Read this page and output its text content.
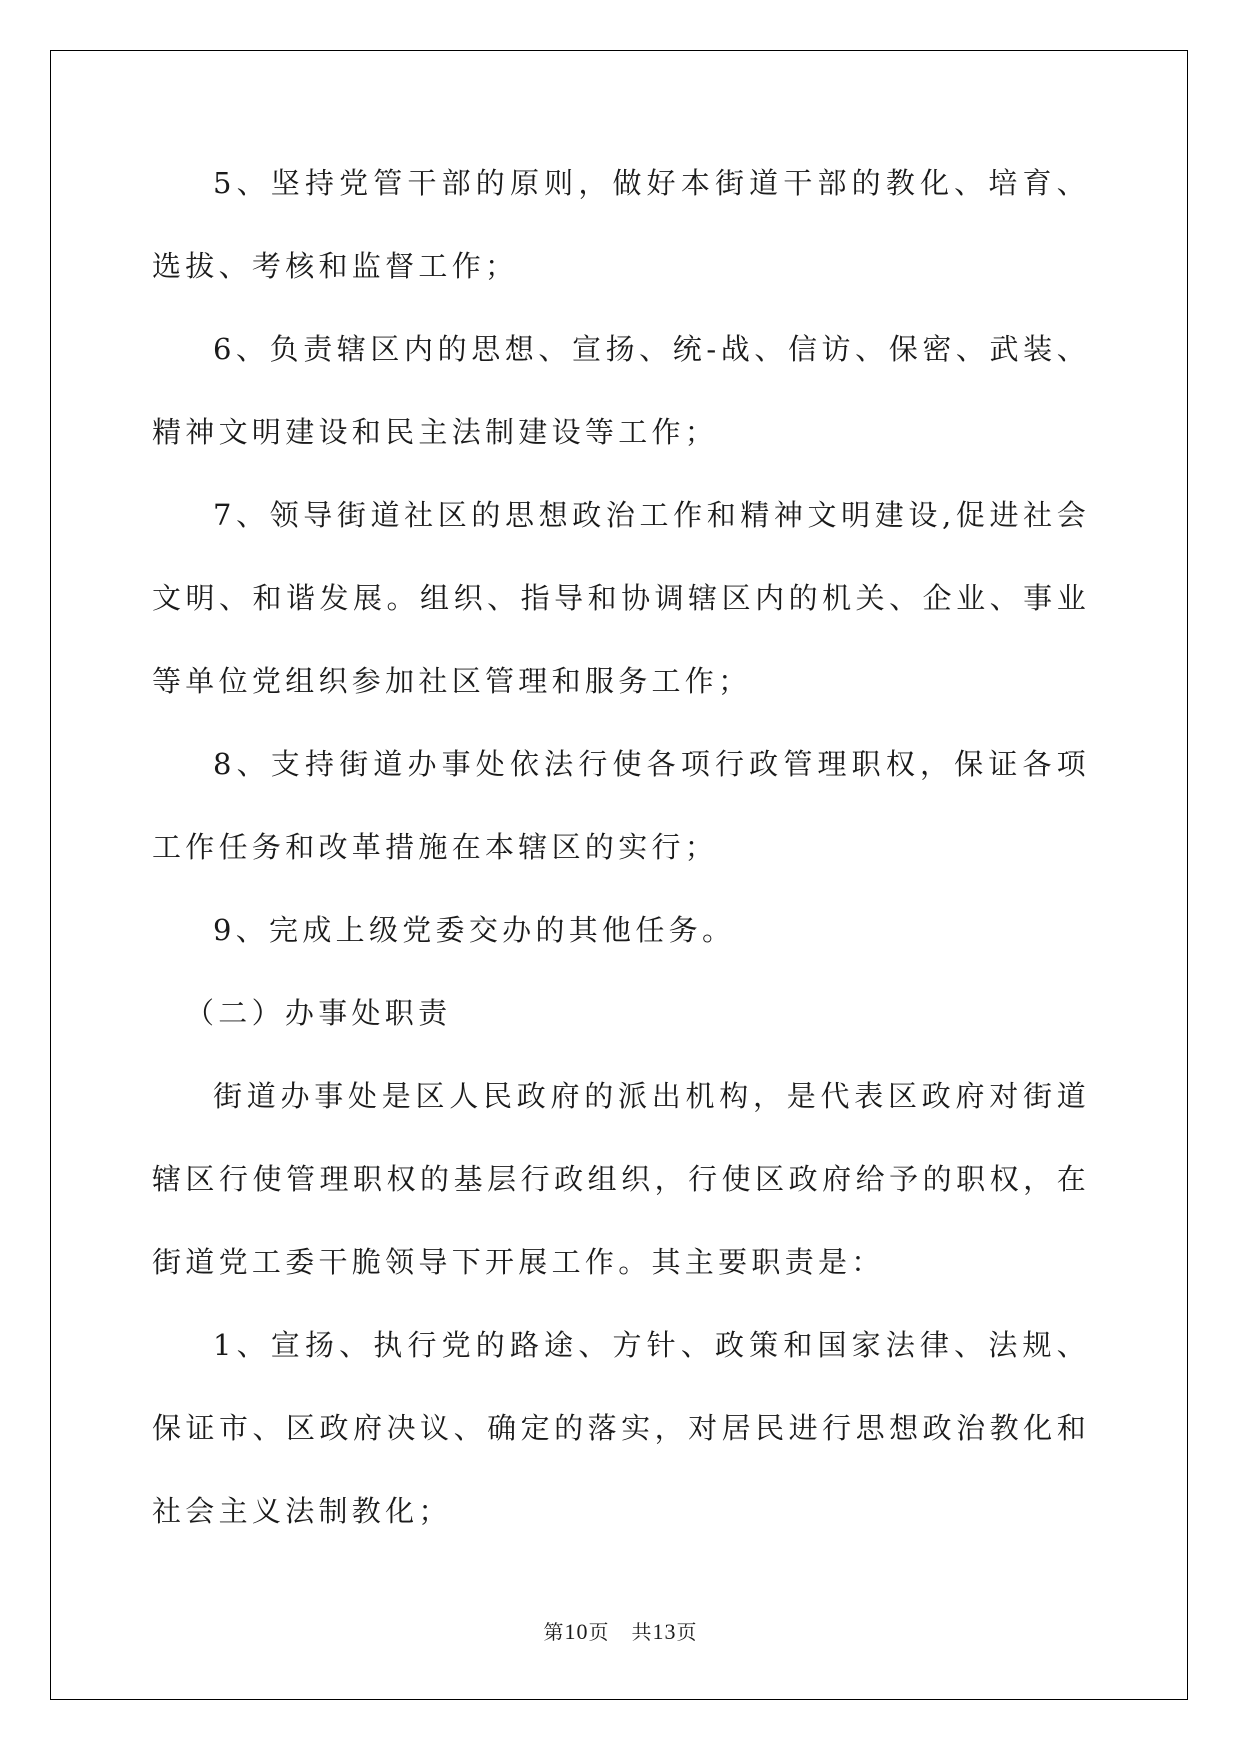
5、坚持党管干部的原则，做好本街道干部的教化、培育、选拔、考核和监督工作；

6、负责辖区内的思想、宣扬、统-战、信访、保密、武装、精神文明建设和民主法制建设等工作；

7、领导街道社区的思想政治工作和精神文明建设,促进社会文明、和谐发展。组织、指导和协调辖区内的机关、企业、事业等单位党组织参加社区管理和服务工作；

8、支持街道办事处依法行使各项行政管理职权，保证各项工作任务和改革措施在本辖区的实行；

9、完成上级党委交办的其他任务。

（二）办事处职责

街道办事处是区人民政府的派出机构，是代表区政府对街道辖区行使管理职权的基层行政组织，行使区政府给予的职权，在街道党工委干脆领导下开展工作。其主要职责是：

1、宣扬、执行党的路途、方针、政策和国家法律、法规、保证市、区政府决议、确定的落实，对居民进行思想政治教化和社会主义法制教化；

第10页 共13页
